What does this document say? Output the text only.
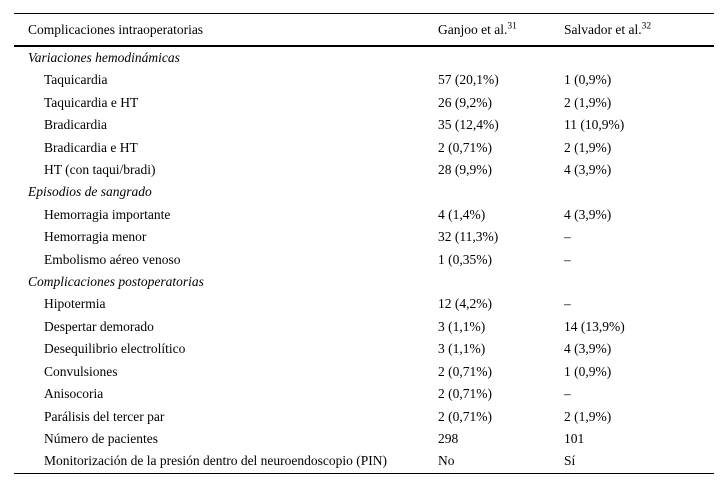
Complicaciones intraoperatorias	Ganjoo et al.$^{31}$	Salvador et al.$^{32}$
Variaciones hemodinámicas		
Taquicardia	57 (20,1%)	1 (0,9%)
Taquicardia e HT	26 (9,2%)	2 (1,9%)
Bradicardia	35 (12,4%)	11 (10,9%)
Bradicardia e HT	2 (0,71%)	2 (1,9%)
HT (con taqui/bradi)	28 (9,9%)	4 (3,9%)
Episodios de sangrado		
Hemorragia importante	4 (1,4%)	4 (3,9%)
Hemorragia menor	32 (11,3%)	–
Embolismo aéreo venoso	1 (0,35%)	–
Complicaciones postoperatorias		
Hipotermia	12 (4,2%)	–
Despertar demorado	3 (1,1%)	14 (13,9%)
Desequilibrio electrolítico	3 (1,1%)	4 (3,9%)
Convulsiones	2 (0,71%)	1 (0,9%)
Anisocoria	2 (0,71%)	–
Parálisis del tercer par	2 (0,71%)	2 (1,9%)
Número de pacientes	298	101
Monitorización de la presión dentro del neuroendoscopio (PIN)	No	Sí
